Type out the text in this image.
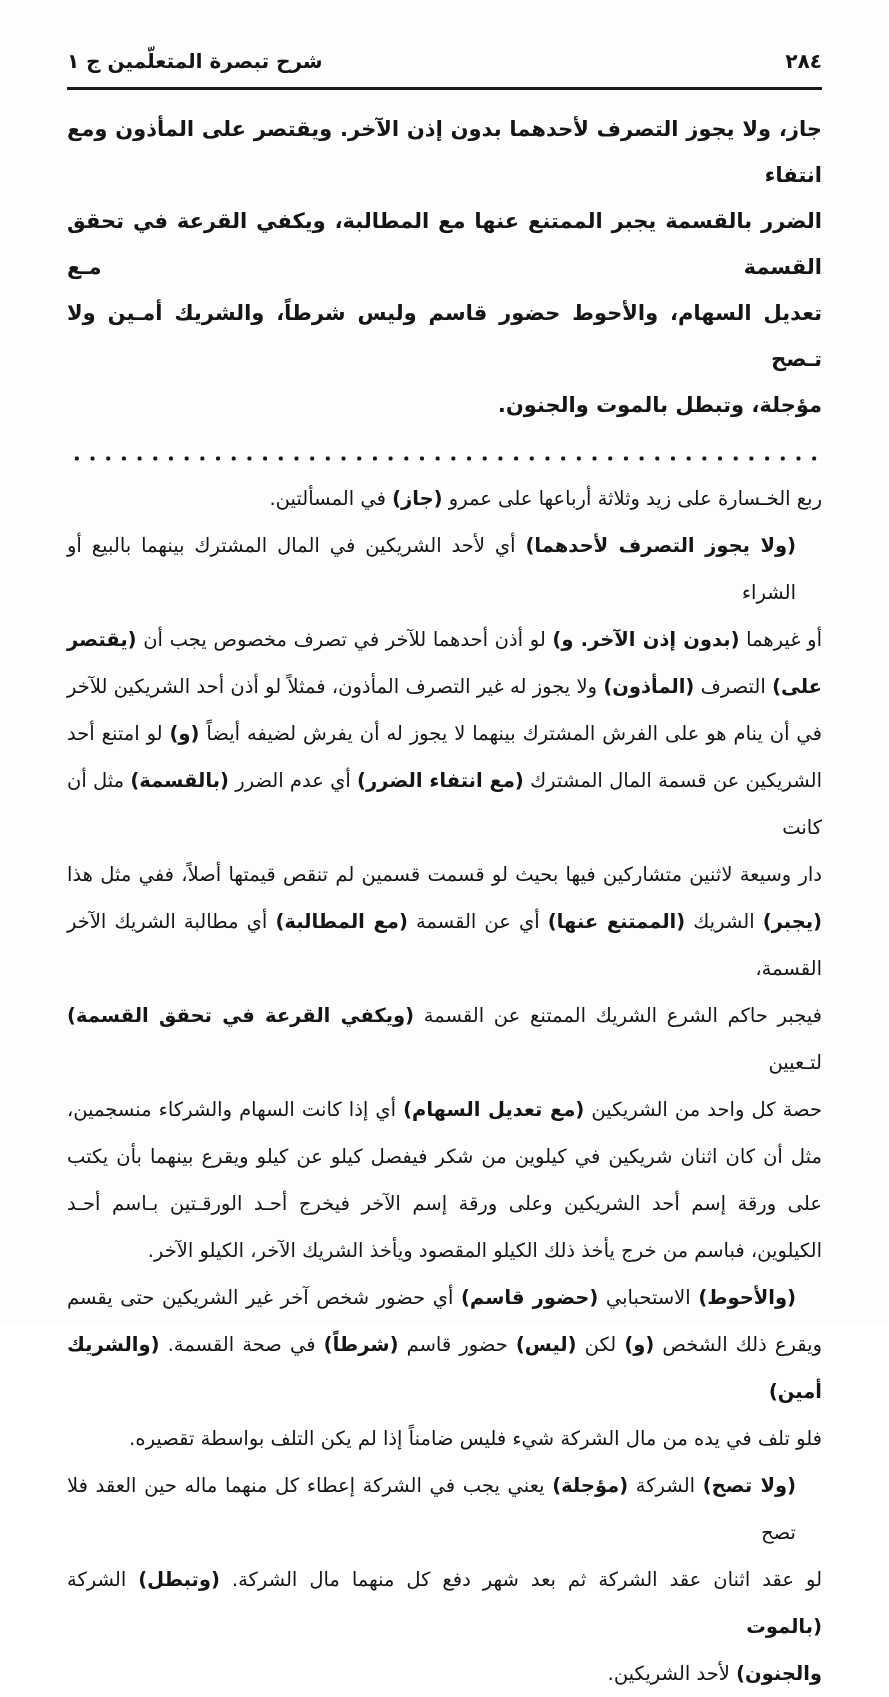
٢٨٤
شرح تبصرة المتعلّمين ج ١
جاز، ولا يجوز التصرف لأحدهما بدون إذن الآخر. ويقتصر على المأذون ومع انتفاء
الضرر بالقسمة يجبر الممتنع عنها مع المطالبة، ويكفي القرعة في تحقق القسمة مـع
تعديل السهام، والأحوط حضور قاسم وليس شرطاً، والشريك أمـين ولا تـصح
مؤجلة، وتبطل بالموت والجنون.
ربع الخـسارة على زيد وثلاثة أرباعها على عمرو (جاز) في المسألتين.
(ولا يجوز التصرف لأحدهما) أي لأحد الشريكين في المال المشترك بينهما بالبيع أو الشراء
أو غيرهما (بدون إذن الآخر. و) لو أذن أحدهما للآخر في تصرف مخصوص يجب أن (يقتصر
على) التصرف (المأذون) ولا يجوز له غير التصرف المأذون، فمثلاً لو أذن أحد الشريكين للآخر
في أن ينام هو على الفرش المشترك بينهما لا يجوز له أن يفرش لضيفه أيضاً (و) لو امتنع أحد
الشريكين عن قسمة المال المشترك (مع انتفاء الضرر) أي عدم الضرر (بالقسمة) مثل أن كانت
دار وسيعة لاثنين متشاركين فيها بحيث لو قسمت قسمين لم تنقص قيمتها أصلاً، ففي مثل هذا
(يجبر) الشريك (الممتنع عنها) أي عن القسمة (مع المطالبة) أي مطالبة الشريك الآخر القسمة،
فيجبر حاكم الشرع الشريك الممتنع عن القسمة (ويكفي القرعة في تحقق القسمة) لتـعيين
حصة كل واحد من الشريكين (مع تعديل السهام) أي إذا كانت السهام والشركاء منسجمين،
مثل أن كان اثنان شريكين في كيلوين من شكر فيفصل كيلو عن كيلو ويقرع بينهما بأن يكتب
على ورقة إسم أحد الشريكين وعلى ورقة إسم الآخر فيخرج أحـد الورقـتين بـاسم أحـد
الكيلوين، فباسم من خرج يأخذ ذلك الكيلو المقصود ويأخذ الشريك الآخر، الكيلو الآخر.
(والأحوط) الاستحبابي (حضور قاسم) أي حضور شخص آخر غير الشريكين حتى يقسم
ويقرع ذلك الشخص (و) لكن (ليس) حضور قاسم (شرطاً) في صحة القسمة. (والشريك أمين)
فلو تلف في يده من مال الشركة شيء فليس ضامناً إذا لم يكن التلف بواسطة تقصيره.
(ولا تصح) الشركة (مؤجلة) يعني يجب في الشركة إعطاء كل منهما ماله حين العقد فلا تصح
لو عقد اثنان عقد الشركة ثم بعد شهر دفع كل منهما مال الشركة. (وتبطل) الشركة (بالموت
والجنون) لأحد الشريكين.
